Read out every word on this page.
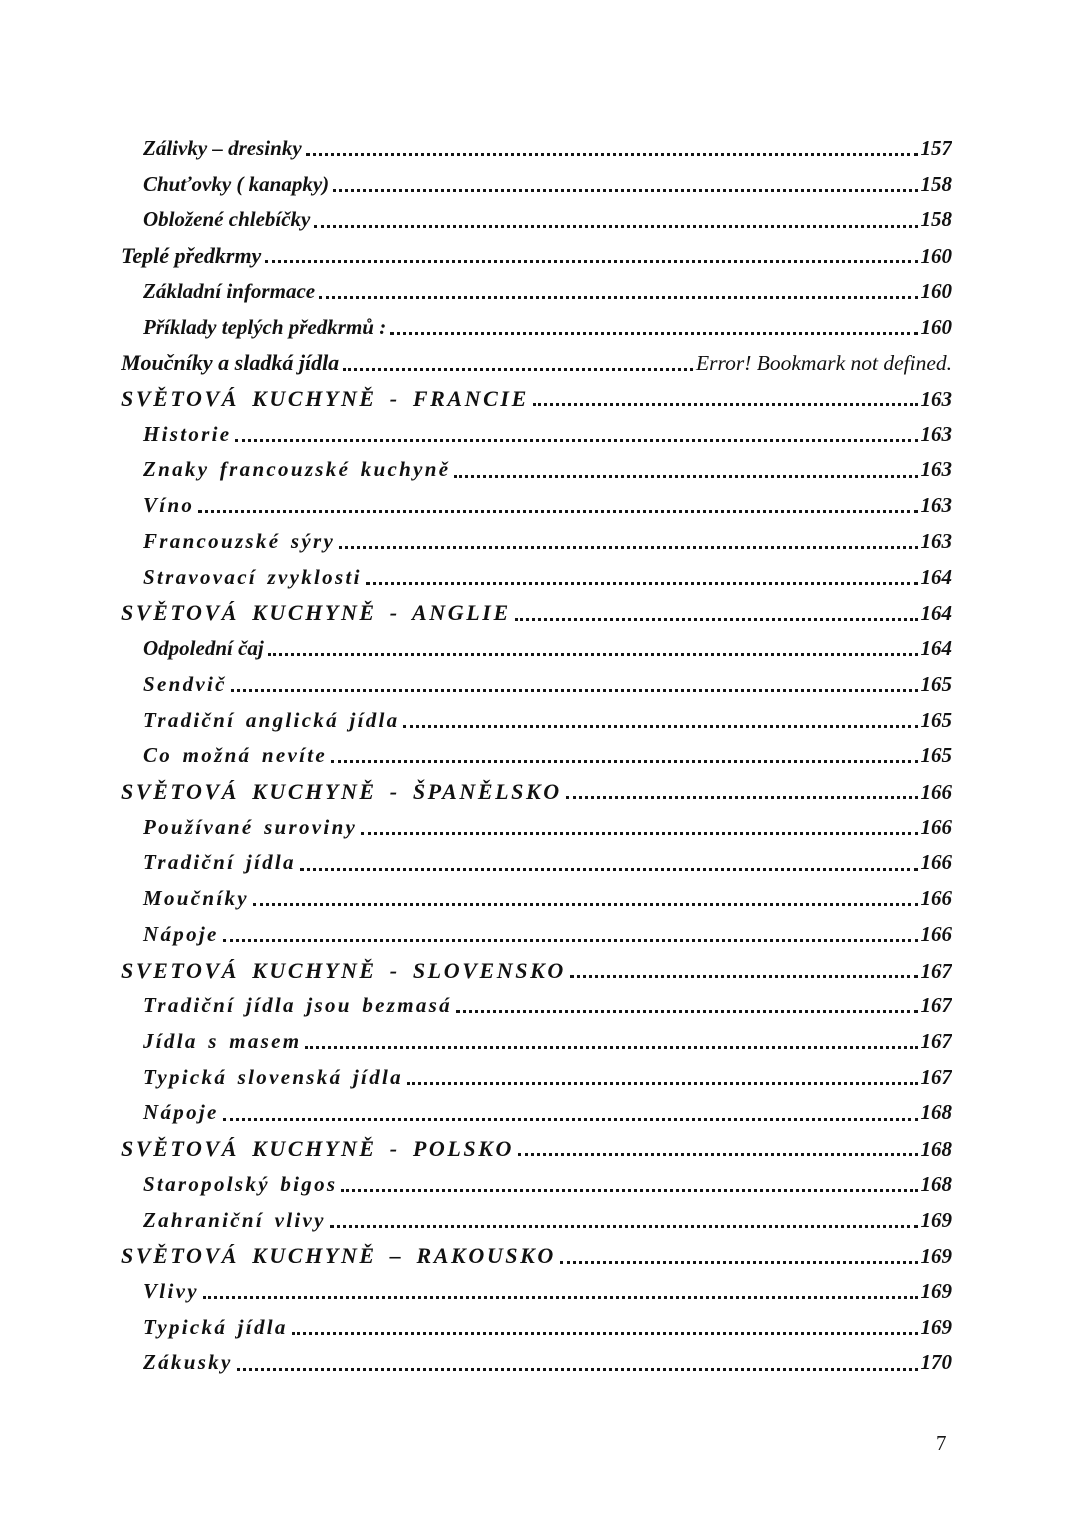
Zálivky – dresinky	157
Chuťovky ( kanapky)	158
Obložené chlebíčky	158
Teplé předkrmy	160
Základní informace	160
Příklady teplých předkrmů :	160
Moučníky a sladká jídla	Error! Bookmark not defined.
SVĚTOVÁ KUCHYNĚ - FRANCIE	163
Historie	163
Znaky francouzské kuchyně	163
Víno	163
Francouzské sýry	163
Stravovací zvyklosti	164
SVĚTOVÁ KUCHYNĚ - ANGLIE	164
Odpolední čaj	164
Sendvič	165
Tradiční anglická jídla	165
Co možná nevíte	165
SVĚTOVÁ KUCHYNĚ - ŠPANĚLSKO	166
Používané suroviny	166
Tradiční jídla	166
Moučníky	166
Nápoje	166
SVETOVÁ KUCHYNĚ - SLOVENSKO	167
Tradiční jídla jsou bezmasá	167
Jídla s masem	167
Typická slovenská jídla	167
Nápoje	168
SVĚTOVÁ KUCHYNĚ - POLSKO	168
Staropolský bigos	168
Zahraniční vlivy	169
SVĚTOVÁ KUCHYNĚ – RAKOUSKO	169
Vlivy	169
Typická jídla	169
Zákusky	170
7
